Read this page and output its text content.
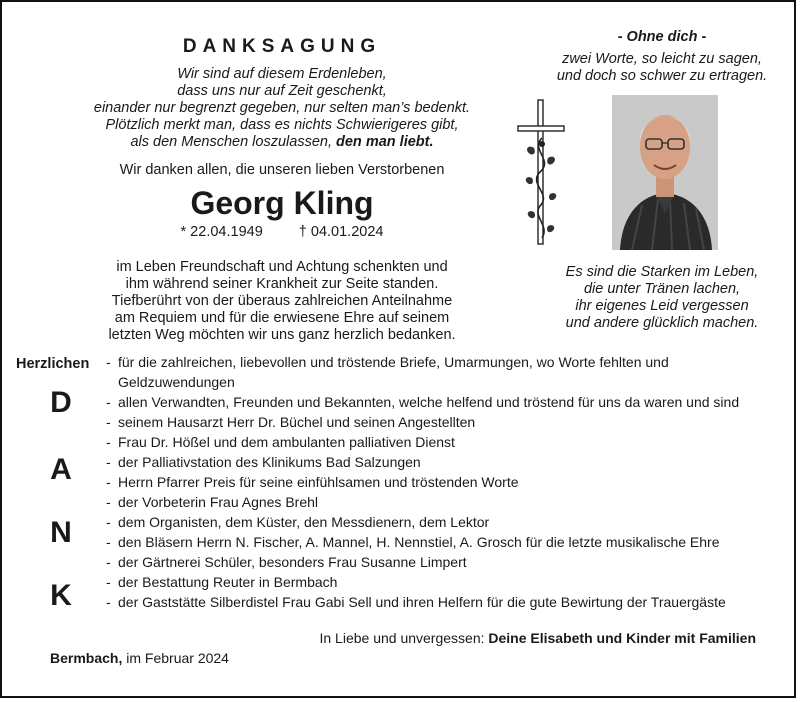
DANKSAGUNG
Wir sind auf diesem Erdenleben,
dass uns nur auf Zeit geschenkt,
einander nur begrenzt gegeben, nur selten man’s bedenkt.
Plötzlich merkt man, dass es nichts Schwierigeres gibt,
als den Menschen loszulassen, den man liebt.
Wir danken allen, die unseren lieben Verstorbenen
Georg Kling
* 22.04.1949 † 04.01.2024
im Leben Freundschaft und Achtung schenkten und
ihm während seiner Krankheit zur Seite standen.
Tiefberührt von der überaus zahlreichen Anteilnahme
am Requiem und für die erwiesene Ehre auf seinem
letzten Weg möchten wir uns ganz herzlich bedanken.
- Ohne dich -
zwei Worte, so leicht zu sagen,
und doch so schwer zu ertragen.
Es sind die Starken im Leben,
die unter Tränen lachen,
ihr eigenes Leid vergessen
und andere glücklich machen.
Herzlichen
D
A
N
K
- für die zahlreichen, liebevollen und tröstende Briefe, Umarmungen, wo Worte fehlten und Geldzuwendungen
- allen Verwandten, Freunden und Bekannten, welche helfend und tröstend für uns da waren und sind
- seinem Hausarzt Herr Dr. Büchel und seinen Angestellten
- Frau Dr. Hößel und dem ambulanten palliativen Dienst
- der Palliativstation des Klinikums Bad Salzungen
- Herrn Pfarrer Preis für seine einfühlsamen und tröstenden Worte
- der Vorbeterin Frau Agnes Brehl
- dem Organisten, dem Küster, den Messdienern, dem Lektor
- den Bläsern Herrn N. Fischer, A. Mannel, H. Nennstiel, A. Grosch für die letzte musikalische Ehre
- der Gärtnerei Schüler, besonders Frau Susanne Limpert
- der Bestattung Reuter in Bermbach
- der Gaststätte Silberdistel Frau Gabi Sell und ihren Helfern für die gute Bewirtung der Trauergäste
In Liebe und unvergessen: Deine Elisabeth und Kinder mit Familien
Bermbach, im Februar 2024
